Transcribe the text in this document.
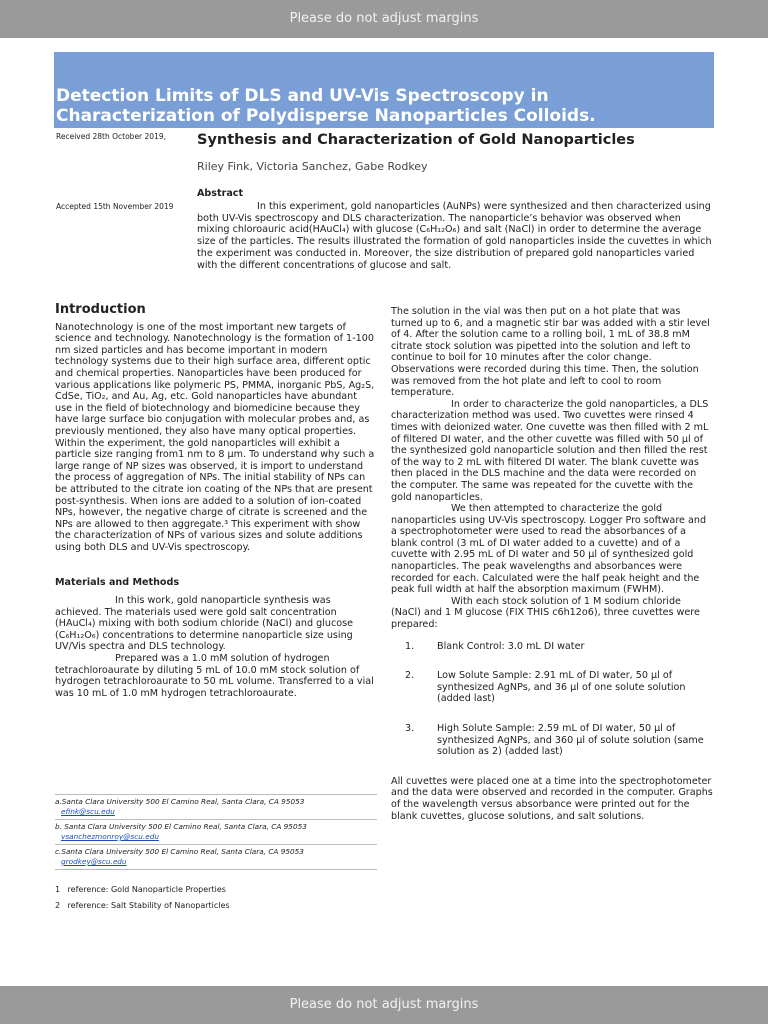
Please do not adjust margins
Detection Limits of DLS and UV-Vis Spectroscopy in Characterization of Polydisperse Nanoparticles Colloids.
Received 28th October 2019,
Accepted 15th November 2019
Synthesis and Characterization of Gold Nanoparticles
Riley Fink, Victoria Sanchez, Gabe Rodkey
Abstract
In this experiment, gold nanoparticles (AuNPs) were synthesized and then characterized using both UV-Vis spectroscopy and DLS characterization. The nanoparticle’s behavior was observed when mixing chloroauric acid(HAuCl₄) with glucose (C₆H₁₂O₆) and salt (NaCl) in order to determine the average size of the particles. The results illustrated the formation of gold nanoparticles inside the cuvettes in which the experiment was conducted in. Moreover, the size distribution of prepared gold nanoparticles varied with the different concentrations of glucose and salt.
Introduction

Nanotechnology is one of the most important new targets of science and technology. Nanotechnology is the formation of 1-100 nm sized particles and has become important in modern technology systems due to their high surface area, different optic and chemical properties. Nanoparticles have been produced for various applications like polymeric PS, PMMA, inorganic PbS, Ag₂S, CdSe, TiO₂, and Au, Ag, etc. Gold nanoparticles have abundant use in the field of biotechnology and biomedicine because they have large surface bio conjugation with molecular probes and, as previously mentioned, they also have many optical properties. Within the experiment, the gold nanoparticles will exhibit a particle size ranging from1 nm to 8 μm. To understand why such a large range of NP sizes was observed, it is import to understand the process of aggregation of NPs. The initial stability of NPs can be attributed to the citrate ion coating of the NPs that are present post-synthesis. When ions are added to a solution of ion-coated NPs, however, the negative charge of citrate is screened and the NPs are allowed to then aggregate.³ This experiment with show the characterization of NPs of various sizes and solute additions using both DLS and UV-Vis spectroscopy.

Materials and Methods

In this work, gold nanoparticle synthesis was achieved. The materials used were gold salt concentration (HAuCl₄) mixing with both sodium chloride (NaCl) and glucose (C₆H₁₂O₆) concentrations to determine nanoparticle size using UV/Vis spectra and DLS technology.

Prepared was a 1.0 mM solution of hydrogen tetrachloroaurate by diluting 5 mL of 10.0 mM stock solution of hydrogen tetrachloroaurate to 50 mL volume. Transferred to a vial was 10 mL of 1.0 mM hydrogen tetrachloroaurate.

The solution in the vial was then put on a hot plate that was turned up to 6, and a magnetic stir bar was added with a stir level of 4. After the solution came to a rolling boil, 1 mL of 38.8 mM citrate stock solution was pipetted into the solution and left to continue to boil for 10 minutes after the color change. Observations were recorded during this time. Then, the solution was removed from the hot plate and left to cool to room temperature.

In order to characterize the gold nanoparticles, a DLS characterization method was used. Two cuvettes were rinsed 4 times with deionized water. One cuvette was then filled with 2 mL of filtered DI water, and the other cuvette was filled with 50 μl of the synthesized gold nanoparticle solution and then filled the rest of the way to 2 mL with filtered DI water. The blank cuvette was then placed in the DLS machine and the data were recorded on the computer. The same was repeated for the cuvette with the gold nanoparticles.

We then attempted to characterize the gold nanoparticles using UV-Vis spectroscopy. Logger Pro software and a spectrophotometer were used to read the absorbances of a blank control (3 mL of DI water added to a cuvette) and of a cuvette with 2.95 mL of DI water and 50 μl of synthesized gold nanoparticles. The peak wavelengths and absorbances were recorded for each. Calculated were the half peak height and the peak full width at half the absorption maximum (FWHM).

With each stock solution of 1 M sodium chloride (NaCl) and 1 M glucose (FIX THIS c6h12o6), three cuvettes were prepared:

1. Blank Control: 3.0 mL DI water
2. Low Solute Sample: 2.91 mL of DI water, 50 μl of synthesized AgNPs, and 36 μl of one solute solution (added last)
3. High Solute Sample: 2.59 mL of DI water, 50 μl of synthesized AgNPs, and 360 μl of solute solution (same solution as 2) (added last)

All cuvettes were placed one at a time into the spectrophotometer and the data were observed and recorded in the computer. Graphs of the wavelength versus absorbance were printed out for the blank cuvettes, glucose solutions, and salt solutions.

a.Santa Clara University 500 El Camino Real, Santa Clara, CA 95053
efink@scu.edu
b. Santa Clara University 500 El Camino Real, Santa Clara, CA 95053
vsanchezmonroy@scu.edu
c.Santa Clara University 500 El Camino Real, Santa Clara, CA 95053
grodkey@scu.edu
1 reference: Gold Nanoparticle Properties
2 reference: Salt Stability of Nanoparticles
Please do not adjust margins
